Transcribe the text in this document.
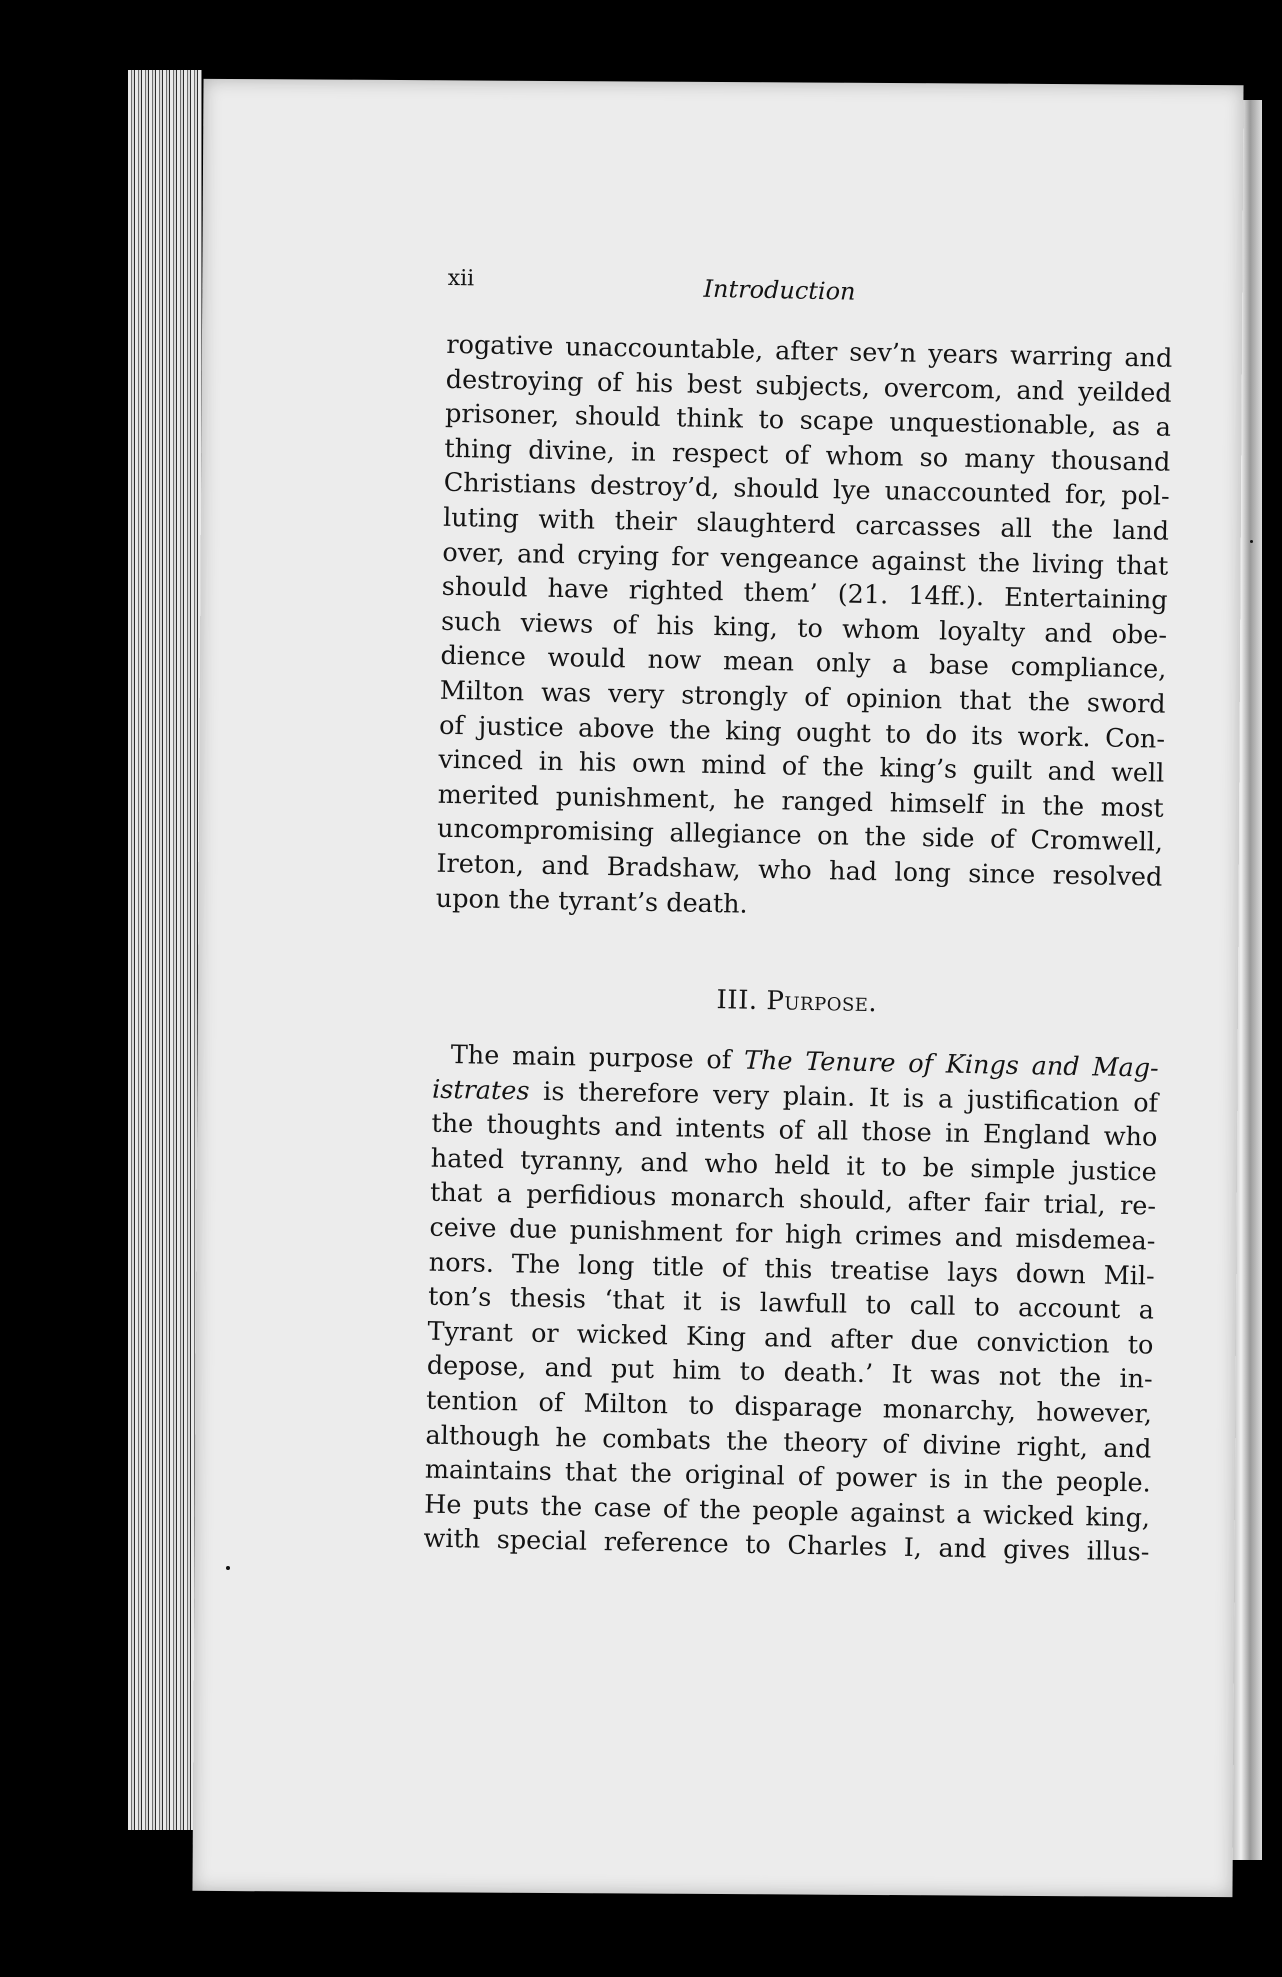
xii	Introduction
rogative unaccountable, after sev’n years warring and
destroying of his best subjects, overcom, and yeilded
prisoner, should think to scape unquestionable, as a
thing divine, in respect of whom so many thousand
Christians destroy’d, should lye unaccounted for, pol-
luting with their slaughterd carcasses all the land
over, and crying for vengeance against the living that
should have righted them’ (21. 14ff.). Entertaining
such views of his king, to whom loyalty and obe-
dience would now mean only a base compliance,
Milton was very strongly of opinion that the sword
of justice above the king ought to do its work. Con-
vinced in his own mind of the king’s guilt and well
merited punishment, he ranged himself in the most
uncompromising allegiance on the side of Cromwell,
Ireton, and Bradshaw, who had long since resolved
upon the tyrant’s death.
III. Purpose.
The main purpose of The Tenure of Kings and Mag-
istrates is therefore very plain. It is a justification of
the thoughts and intents of all those in England who
hated tyranny, and who held it to be simple justice
that a perfidious monarch should, after fair trial, re-
ceive due punishment for high crimes and misdemea-
nors. The long title of this treatise lays down Mil-
ton’s thesis ‘that it is lawfull to call to account a
Tyrant or wicked King and after due conviction to
depose, and put him to death.’ It was not the in-
tention of Milton to disparage monarchy, however,
although he combats the theory of divine right, and
maintains that the original of power is in the people.
He puts the case of the people against a wicked king,
with special reference to Charles I, and gives illus-
